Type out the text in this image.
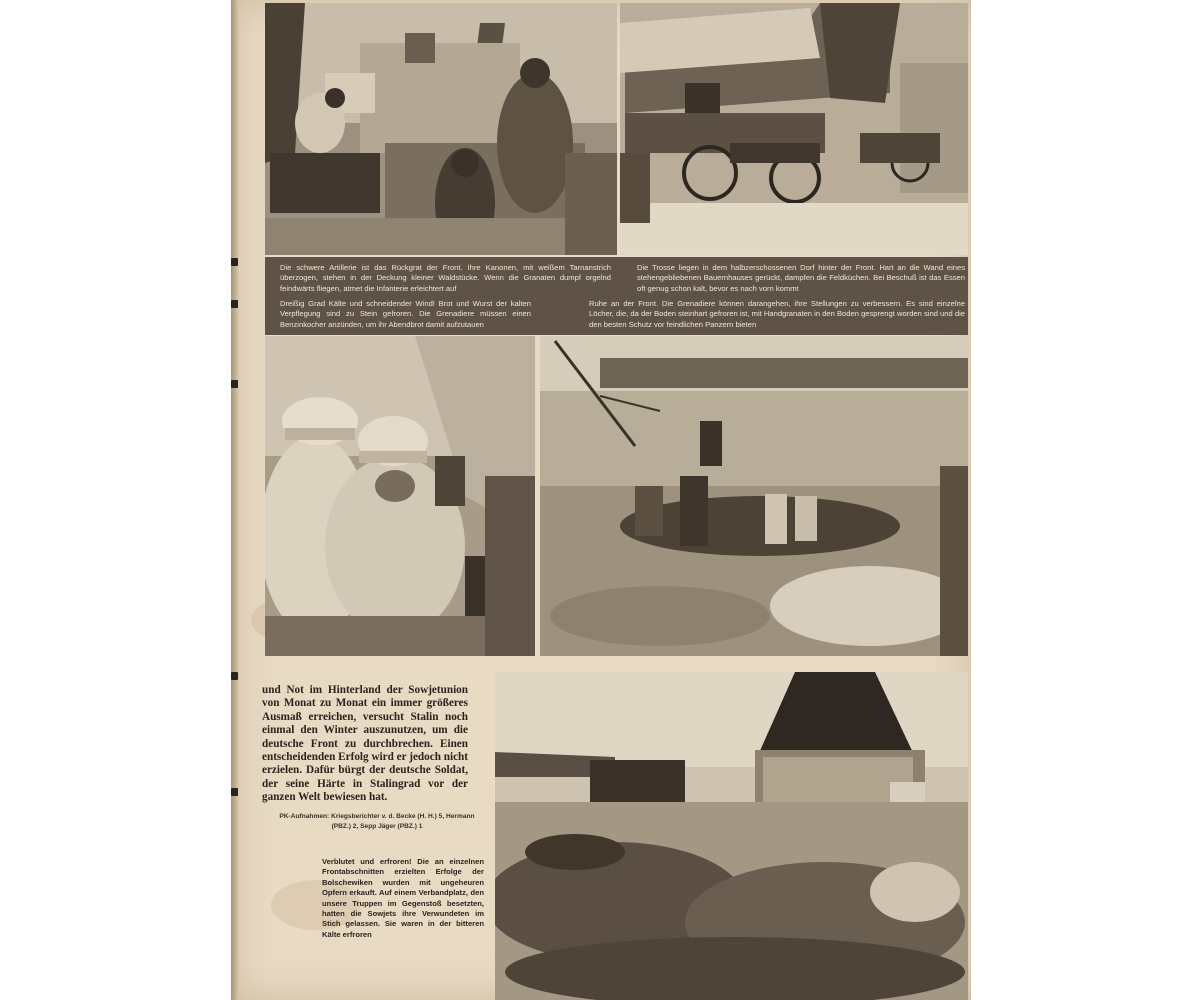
Die schwere Artillerie ist das Rückgrat der Front. Ihre Kanonen, mit weißem Tarnanstrich überzogen, stehen in der Deckung kleiner Waldstücke. Wenn die Granaten dumpf orgelnd feindwärts fliegen, atmet die Infanterie erleichtert auf
Die Trosse liegen in dem halbzerschossenen Dorf hinter der Front. Hart an die Wand eines stehengebliebenen Bauernhauses gerückt, dampfen die Feldküchen. Bei Beschuß ist das Essen oft genug schon kalt, bevor es nach vorn kommt
Dreißig Grad Kälte und schneidender Wind! Brot und Wurst der kalten Verpflegung sind zu Stein gefroren. Die Grenadiere müssen einen Benzinkocher anzünden, um ihr Abendbrot damit aufzutauen
Ruhe an der Front. Die Grenadiere können darangehen, ihre Stellungen zu verbessern. Es sind einzelne Löcher, die, da der Boden steinhart gefroren ist, mit Handgranaten in den Boden gesprengt worden sind und die den besten Schutz vor feindlichen Panzern bieten
und Not im Hinterland der Sowjetunion von Monat zu Monat ein immer größeres Ausmaß erreichen, versucht Stalin noch einmal den Winter auszunutzen, um die deutsche Front zu durchbrechen. Einen entscheidenden Erfolg wird er jedoch nicht erzielen. Dafür bürgt der deutsche Soldat, der seine Härte in Stalingrad vor der ganzen Welt bewiesen hat.
PK-Aufnahmen: Kriegsberichter v. d. Becke (H. H.) 5, Hermann (PBZ.) 2, Sepp Jäger (PBZ.) 1
Verblutet und erfroren! Die an einzelnen Frontabschnitten erzielten Erfolge der Bolschewiken wurden mit ungeheuren Opfern erkauft. Auf einem Verbandplatz, den unsere Truppen im Gegenstoß besetzten, hatten die Sowjets ihre Verwundeten im Stich gelassen. Sie waren in der bitteren Kälte erfroren
